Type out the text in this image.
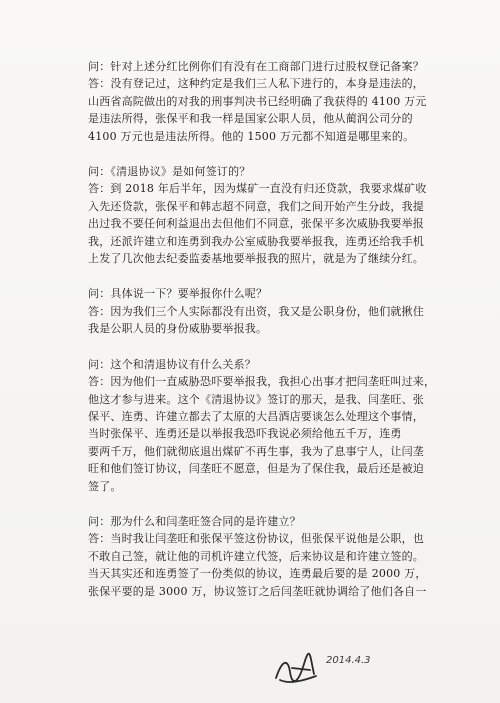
问：针对上述分红比例你们有没有在工商部门进行过股权登记备案？

答：没有登记过，这种约定是我们三人私下进行的，本身是违法的，

山西省高院做出的对我的刑事判决书已经明确了我获得的 4100 万元

是违法所得，张保平和我一样是国家公职人员，他从蔺润公司分的

4100 万元也是违法所得。他的 1500 万元都不知道是哪里来的。

问：《清退协议》是如何签订的？

答：到 2018 年后半年，因为煤矿一直没有归还贷款，我要求煤矿收

入先还贷款，张保平和韩志超不同意，我们之间开始产生分歧，我提

出过我不要任何利益退出去但他们不同意，张保平多次威胁我要举报

我，还派许建立和连勇到我办公室威胁我要举报我，连勇还给我手机

上发了几次他去纪委监委基地要举报我的照片，就是为了继续分红。

问：具体说一下？要举报你什么呢？

答：因为我们三个人实际都没有出资，我又是公职身份，他们就揪住

我是公职人员的身份威胁要举报我。

问：这个和清退协议有什么关系？

答：因为他们一直威胁恐吓要举报我，我担心出事才把闫垄旺叫过来，

他这才参与进来。这个《清退协议》签订的那天，是我、闫垄旺、张

保平、连勇、许建立都去了太原的大昌酒店要谈怎么处理这个事情，

当时张保平、连勇还是以举报我恐吓我说必须给他五千万，连勇

要两千万，他们就彻底退出煤矿不再生事，我为了息事宁人，让闫垄

旺和他们签订协议，闫垄旺不愿意，但是为了保住我，最后还是被迫

签了。

问：那为什么和闫垄旺签合同的是许建立？

答：当时我让闫垄旺和张保平签这份协议，但张保平说他是公职，也

不敢自己签，就让他的司机许建立代签，后来协议是和许建立签的。

当天其实还和连勇签了一份类似的协议，连勇最后要的是 2000 万，

张保平要的是 3000 万，协议签订之后闫垄旺就协调给了他们各自一

2014.4.3
